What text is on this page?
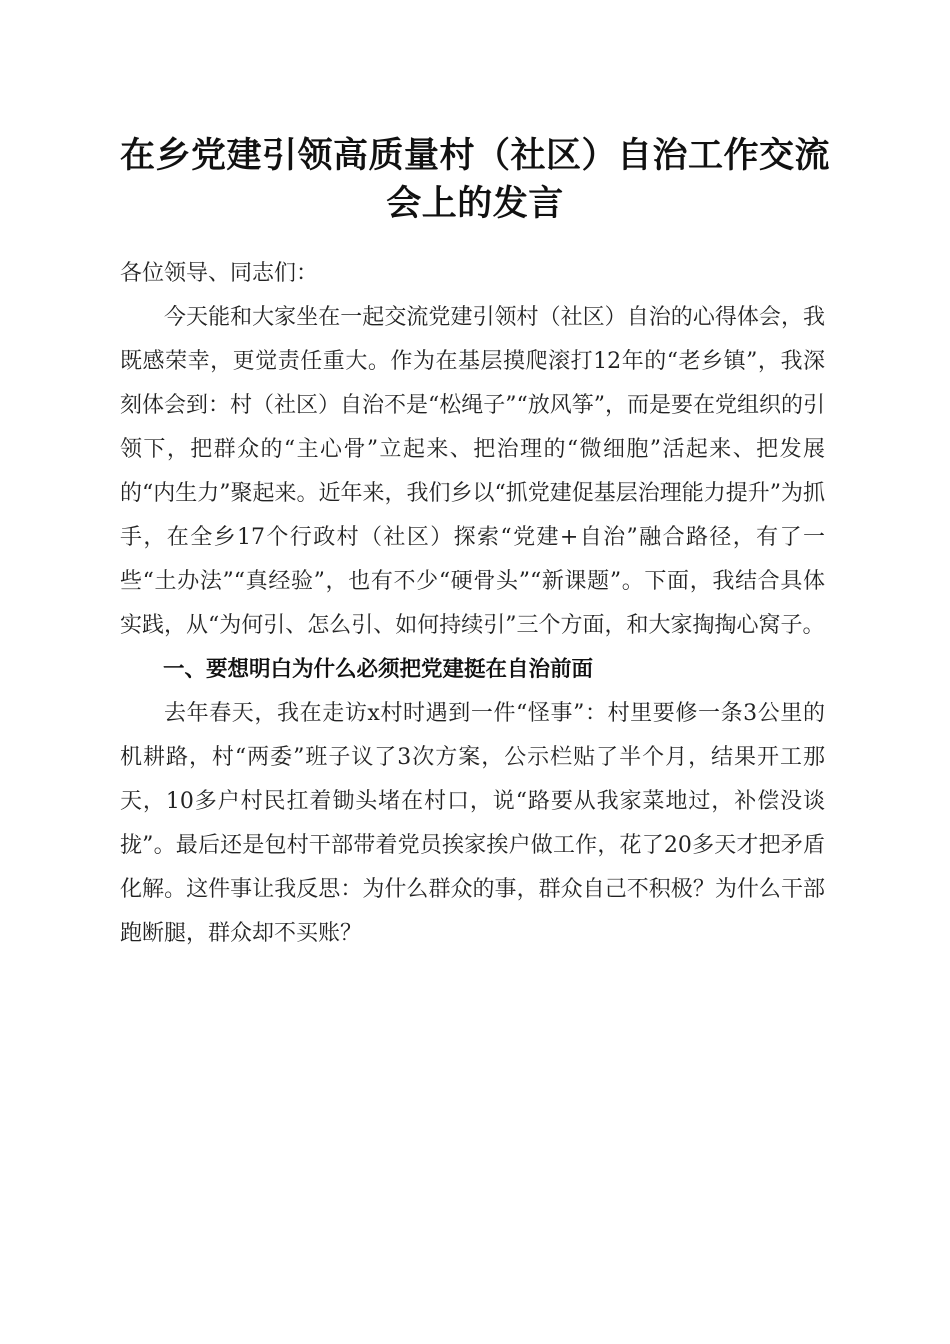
在乡党建引领高质量村（社区）自治工作交流会上的发言

各位领导、同志们：

今天能和大家坐在一起交流党建引领村（社区）自治的心得体会，我既感荣幸，更觉责任重大。作为在基层摸爬滚打12年的“老乡镇”，我深刻体会到：村（社区）自治不是“松绳子”“放风筝”，而是要在党组织的引领下，把群众的“主心骨”立起来、把治理的“微细胞”活起来、把发展的“内生力”聚起来。近年来，我们乡以“抓党建促基层治理能力提升”为抓手，在全乡17个行政村（社区）探索“党建+自治”融合路径，有了一些“土办法”“真经验”，也有不少“硬骨头”“新课题”。下面，我结合具体实践，从“为何引、怎么引、如何持续引”三个方面，和大家掏掏心窝子。

一、要想明白为什么必须把党建挺在自治前面

去年春天，我在走访x村时遇到一件“怪事”：村里要修一条3公里的机耕路，村“两委”班子议了3次方案，公示栏贴了半个月，结果开工那天，10多户村民扛着锄头堵在村口，说“路要从我家菜地过，补偿没谈拢”。最后还是包村干部带着党员挨家挨户做工作，花了20多天才把矛盾化解。这件事让我反思：为什么群众的事，群众自己不积极？为什么干部跑断腿，群众却不买账？
